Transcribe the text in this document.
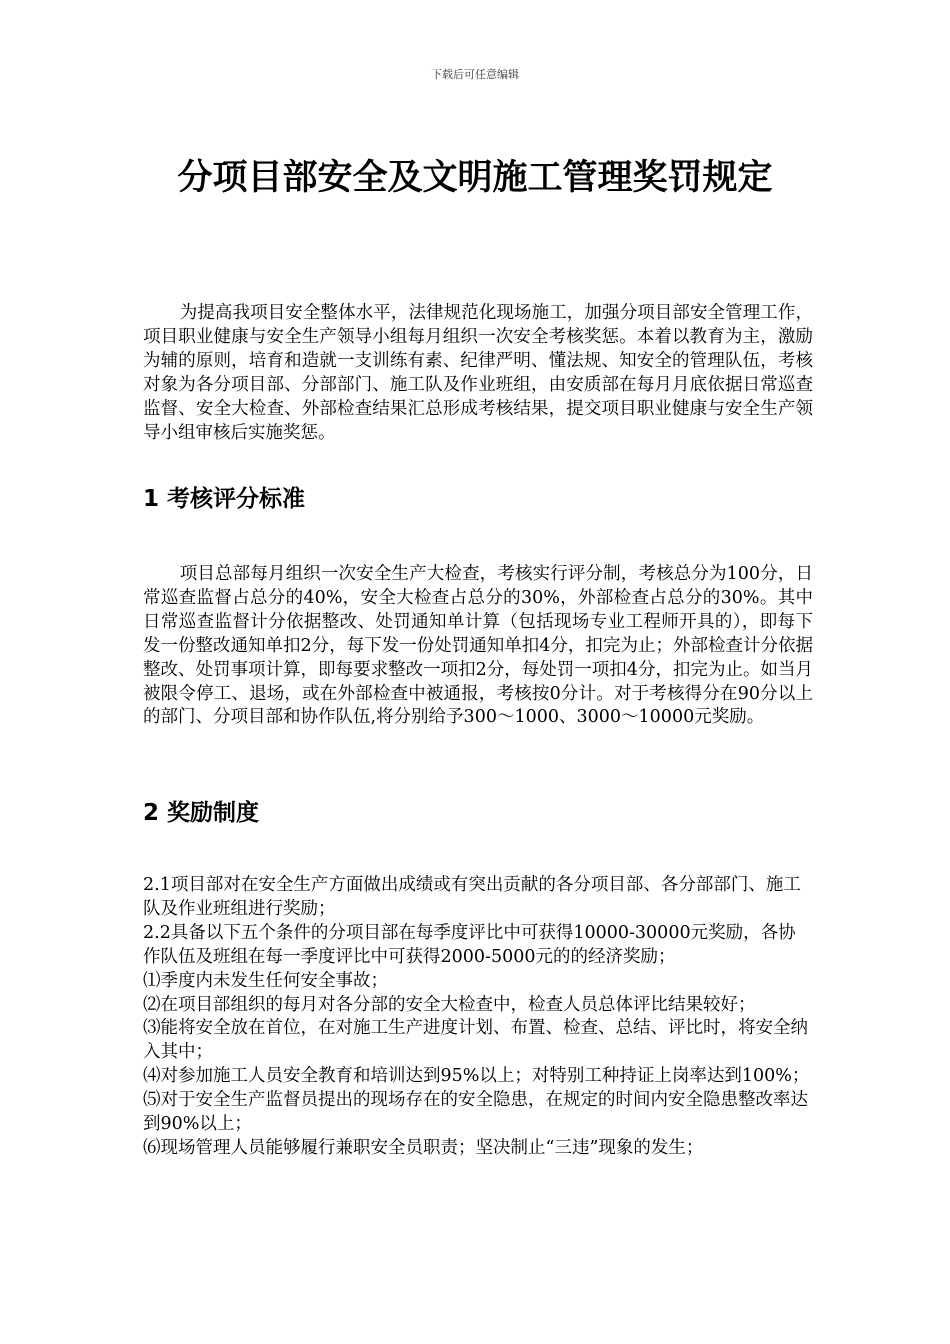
下载后可任意编辑
分项目部安全及文明施工管理奖罚规定
为提高我项目安全整体水平，法律规范化现场施工，加强分项目部安全管理工作，项目职业健康与安全生产领导小组每月组织一次安全考核奖惩。本着以教育为主，激励为辅的原则，培育和造就一支训练有素、纪律严明、懂法规、知安全的管理队伍，考核对象为各分项目部、分部部门、施工队及作业班组，由安质部在每月月底依据日常巡查监督、安全大检查、外部检查结果汇总形成考核结果，提交项目职业健康与安全生产领导小组审核后实施奖惩。
1 考核评分标准
项目总部每月组织一次安全生产大检查，考核实行评分制，考核总分为100分，日常巡查监督占总分的40%，安全大检查占总分的30%，外部检查占总分的30%。其中日常巡查监督计分依据整改、处罚通知单计算（包括现场专业工程师开具的），即每下发一份整改通知单扣2分，每下发一份处罚通知单扣4分，扣完为止；外部检查计分依据整改、处罚事项计算，即每要求整改一项扣2分，每处罚一项扣4分，扣完为止。如当月被限令停工、退场，或在外部检查中被通报，考核按0分计。对于考核得分在90分以上的部门、分项目部和协作队伍,将分别给予300～1000、3000～10000元奖励。
2 奖励制度

2.1项目部对在安全生产方面做出成绩或有突出贡献的各分项目部、各分部部门、施工队及作业班组进行奖励；

2.2具备以下五个条件的分项目部在每季度评比中可获得10000-30000元奖励，各协作队伍及班组在每一季度评比中可获得2000-5000元的的经济奖励；

⑴季度内未发生任何安全事故；

⑵在项目部组织的每月对各分部的安全大检查中，检查人员总体评比结果较好；

⑶能将安全放在首位，在对施工生产进度计划、布置、检查、总结、评比时，将安全纳入其中；

⑷对参加施工人员安全教育和培训达到95%以上；对特别工种持证上岗率达到100%；

⑸对于安全生产监督员提出的现场存在的安全隐患，在规定的时间内安全隐患整改率达到90%以上；

⑹现场管理人员能够履行兼职安全员职责；坚决制止“三违”现象的发生；
